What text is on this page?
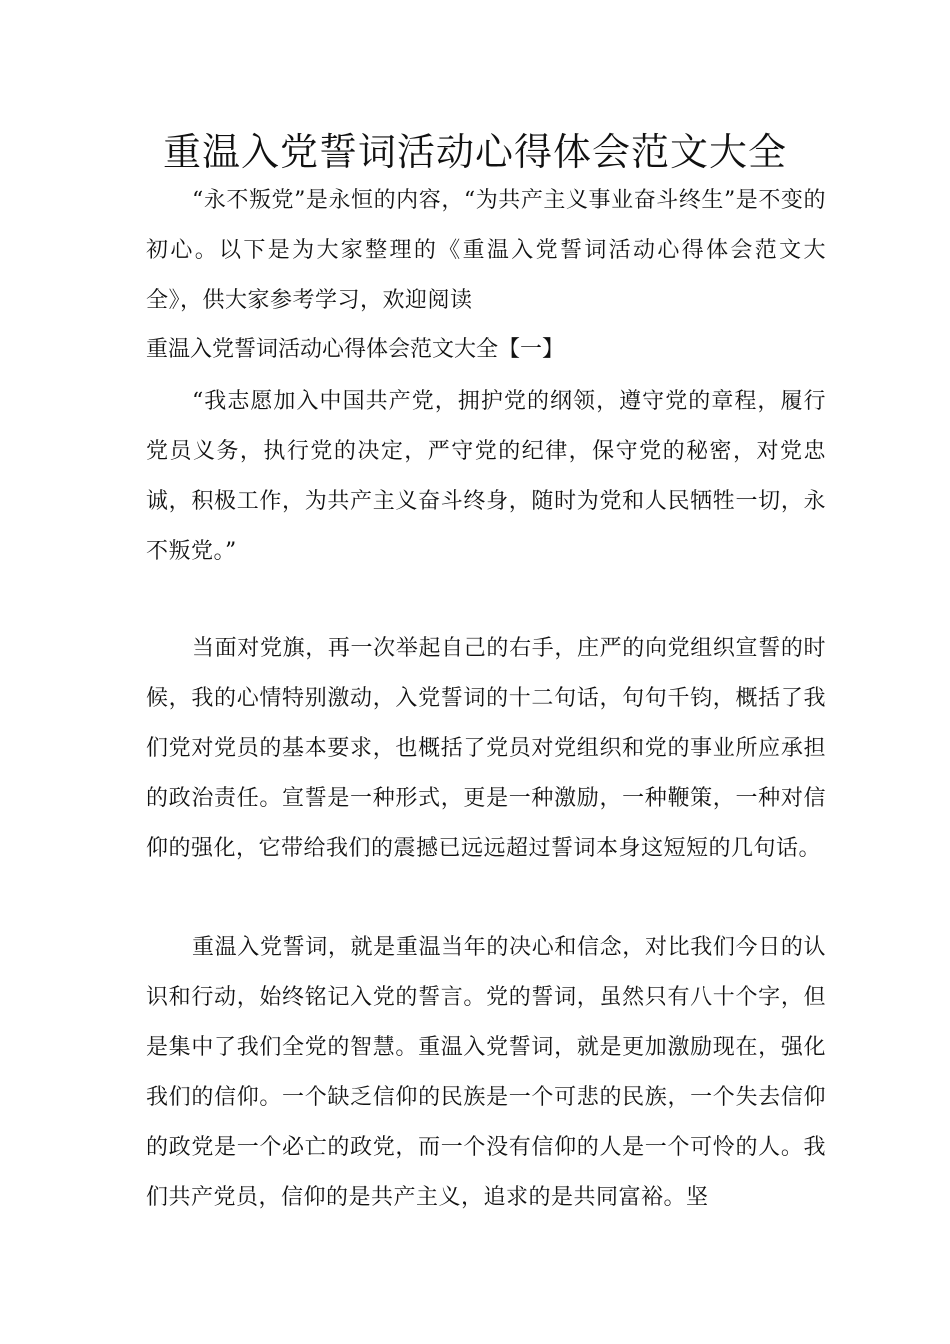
重温入党誓词活动心得体会范文大全
“永不叛党”是永恒的内容，“为共产主义事业奋斗终生”是不变的初心。以下是为大家整理的《重温入党誓词活动心得体会范文大全》，供大家参考学习，欢迎阅读
重温入党誓词活动心得体会范文大全【一】
“我志愿加入中国共产党，拥护党的纲领，遵守党的章程，履行党员义务，执行党的决定，严守党的纪律，保守党的秘密，对党忠诚，积极工作，为共产主义奋斗终身，随时为党和人民牺牲一切，永不叛党。”
当面对党旗，再一次举起自己的右手，庄严的向党组织宣誓的时候，我的心情特别激动，入党誓词的十二句话，句句千钧，概括了我们党对党员的基本要求，也概括了党员对党组织和党的事业所应承担的政治责任。宣誓是一种形式，更是一种激励，一种鞭策，一种对信仰的强化，它带给我们的震撼已远远超过誓词本身这短短的几句话。
重温入党誓词，就是重温当年的决心和信念，对比我们今日的认识和行动，始终铭记入党的誓言。党的誓词，虽然只有八十个字，但是集中了我们全党的智慧。重温入党誓词，就是更加激励现在，强化我们的信仰。一个缺乏信仰的民族是一个可悲的民族，一个失去信仰的政党是一个必亡的政党，而一个没有信仰的人是一个可怜的人。我们共产党员，信仰的是共产主义，追求的是共同富裕。坚
